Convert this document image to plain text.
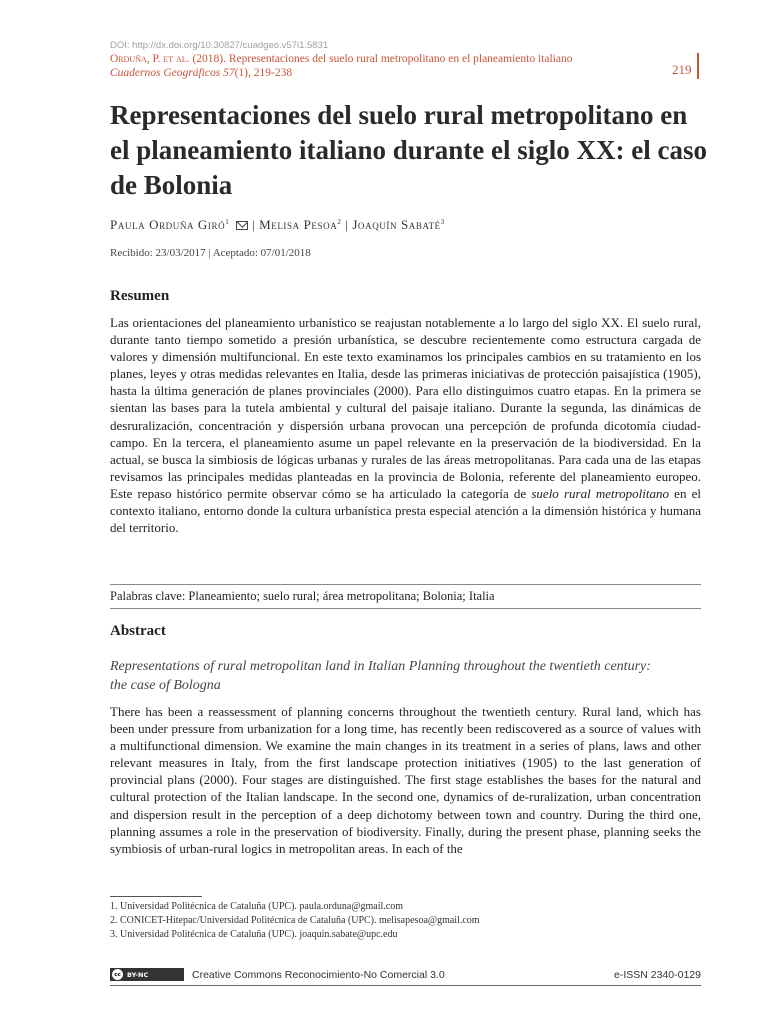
DOI: http://dx.doi.org/10.30827/cuadgeo.v57i1.5831
Orduña, P. et al. (2018). Representaciones del suelo rural metropolitano en el planeamiento italiano
Cuadernos Geográficos 57(1), 219-238	219
Representaciones del suelo rural metropolitano en el planeamiento italiano durante el siglo XX: el caso de Bolonia
Paula Orduña Giró$^1$  | Melisa Pesoa$^2$ | Joaquín Sabaté$^3$
Recibido: 23/03/2017 | Aceptado: 07/01/2018
Resumen

Las orientaciones del planeamiento urbanístico se reajustan notablemente a lo largo del siglo XX. El suelo rural, durante tanto tiempo sometido a presión urbanística, se descubre recientemente como estructura cargada de valores y dimensión multifuncional. En este texto examinamos los principales cambios en su tratamiento en los planes, leyes y otras medidas relevantes en Italia, desde las primeras iniciativas de protección paisajística (1905), hasta la última generación de planes provinciales (2000). Para ello distinguimos cuatro etapas. En la primera se sientan las bases para la tutela ambiental y cultural del paisaje italiano. Durante la segunda, las dinámicas de desruralización, concentración y dispersión urbana provocan una percepción de profunda dicotomía ciudad-campo. En la tercera, el planeamiento asume un papel relevante en la preservación de la biodiversidad. En la actual, se busca la simbiosis de lógicas urbanas y rurales de las áreas metropolitanas. Para cada una de las etapas revisamos las principales medidas planteadas en la provincia de Bolonia, referente del planeamiento europeo. Este repaso histórico permite observar cómo se ha articulado la categoría de suelo rural metropolitano en el contexto italiano, entorno donde la cultura urbanística presta especial atención a la dimensión histórica y humana del territorio.

Palabras clave: Planeamiento; suelo rural; área metropolitana; Bolonia; Italia
Abstract
Representations of rural metropolitan land in Italian Planning throughout the twentieth century: the case of Bologna

There has been a reassessment of planning concerns throughout the twentieth century. Rural land, which has been under pressure from urbanization for a long time, has recently been rediscovered as a source of values with a multifunctional dimension. We examine the main changes in its treatment in a series of plans, laws and other relevant measures in Italy, from the first landscape protection initiatives (1905) to the last generation of provincial plans (2000). Four stages are distinguished. The first stage establishes the bases for the natural and cultural protection of the Italian landscape. In the second one, dynamics of de-ruralization, urban concentration and dispersion result in the perception of a deep dichotomy between town and country. During the third one, planning assumes a role in the preservation of biodiversity. Finally, during the present phase, planning seeks the symbiosis of urban-rural logics in metropolitan areas. In each of the

1. Universidad Politécnica de Cataluña (UPC). paula.orduna@gmail.com
2. CONICET-Hitepac/Universidad Politécnica de Cataluña (UPC). melisapesoa@gmail.com
3. Universidad Politécnica de Cataluña (UPC). joaquin.sabate@upc.edu
cc BY-NC	Creative Commons Reconocimiento-No Comercial 3.0	e-ISSN 2340-0129
